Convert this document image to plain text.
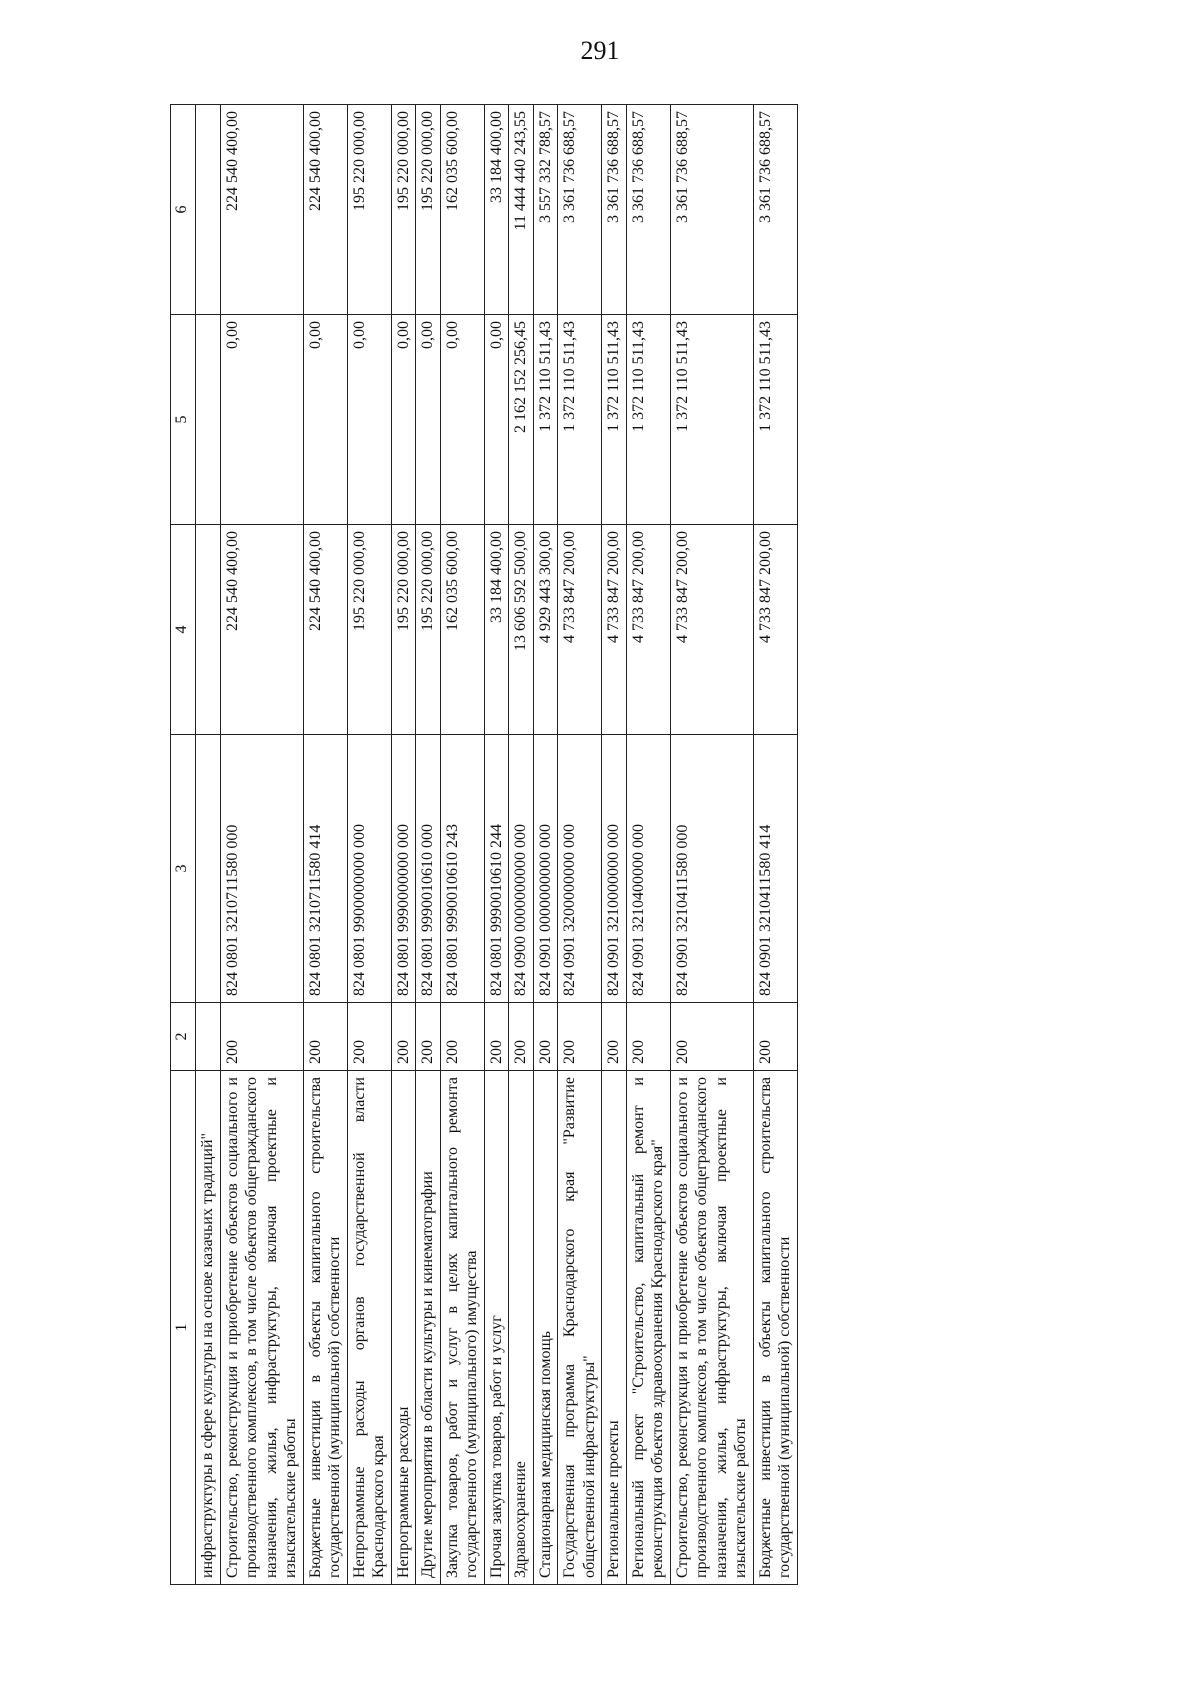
291
1	2	3	4	5	6
инфраструктуры в сфере культуры на основе казачьих традиций"					
Строительство, реконструкция и приобретение объектов социального и производственного комплексов, в том числе объектов общегражданского назначения, жилья, инфраструктуры, включая проектные и изыскательские работы	200	824 0801 3210711580 000	224 540 400,00	0,00	224 540 400,00
Бюджетные инвестиции в объекты капитального строительства государственной (муниципальной) собственности	200	824 0801 3210711580 414	224 540 400,00	0,00	224 540 400,00
Непрограммные расходы органов государственной власти Краснодарского края	200	824 0801 9900000000 000	195 220 000,00	0,00	195 220 000,00
Непрограммные расходы	200	824 0801 9990000000 000	195 220 000,00	0,00	195 220 000,00
Другие мероприятия в области культуры и кинематографии	200	824 0801 9990010610 000	195 220 000,00	0,00	195 220 000,00
Закупка товаров, работ и услуг в целях капитального ремонта государственного (муниципального) имущества	200	824 0801 9990010610 243	162 035 600,00	0,00	162 035 600,00
Прочая закупка товаров, работ и услуг	200	824 0801 9990010610 244	33 184 400,00	0,00	33 184 400,00
Здравоохранение	200	824 0900 0000000000 000	13 606 592 500,00	2 162 152 256,45	11 444 440 243,55
Стационарная медицинская помощь	200	824 0901 0000000000 000	4 929 443 300,00	1 372 110 511,43	3 557 332 788,57
Государственная программа Краснодарского края "Развитие общественной инфраструктуры"	200	824 0901 3200000000 000	4 733 847 200,00	1 372 110 511,43	3 361 736 688,57
Региональные проекты	200	824 0901 3210000000 000	4 733 847 200,00	1 372 110 511,43	3 361 736 688,57
Региональный проект "Строительство, капитальный ремонт и реконструкция объектов здравоохранения Краснодарского края"	200	824 0901 3210400000 000	4 733 847 200,00	1 372 110 511,43	3 361 736 688,57
Строительство, реконструкция и приобретение объектов социального и производственного комплексов, в том числе объектов общегражданского назначения, жилья, инфраструктуры, включая проектные и изыскательские работы	200	824 0901 3210411580 000	4 733 847 200,00	1 372 110 511,43	3 361 736 688,57
Бюджетные инвестиции в объекты капитального строительства государственной (муниципальной) собственности	200	824 0901 3210411580 414	4 733 847 200,00	1 372 110 511,43	3 361 736 688,57
